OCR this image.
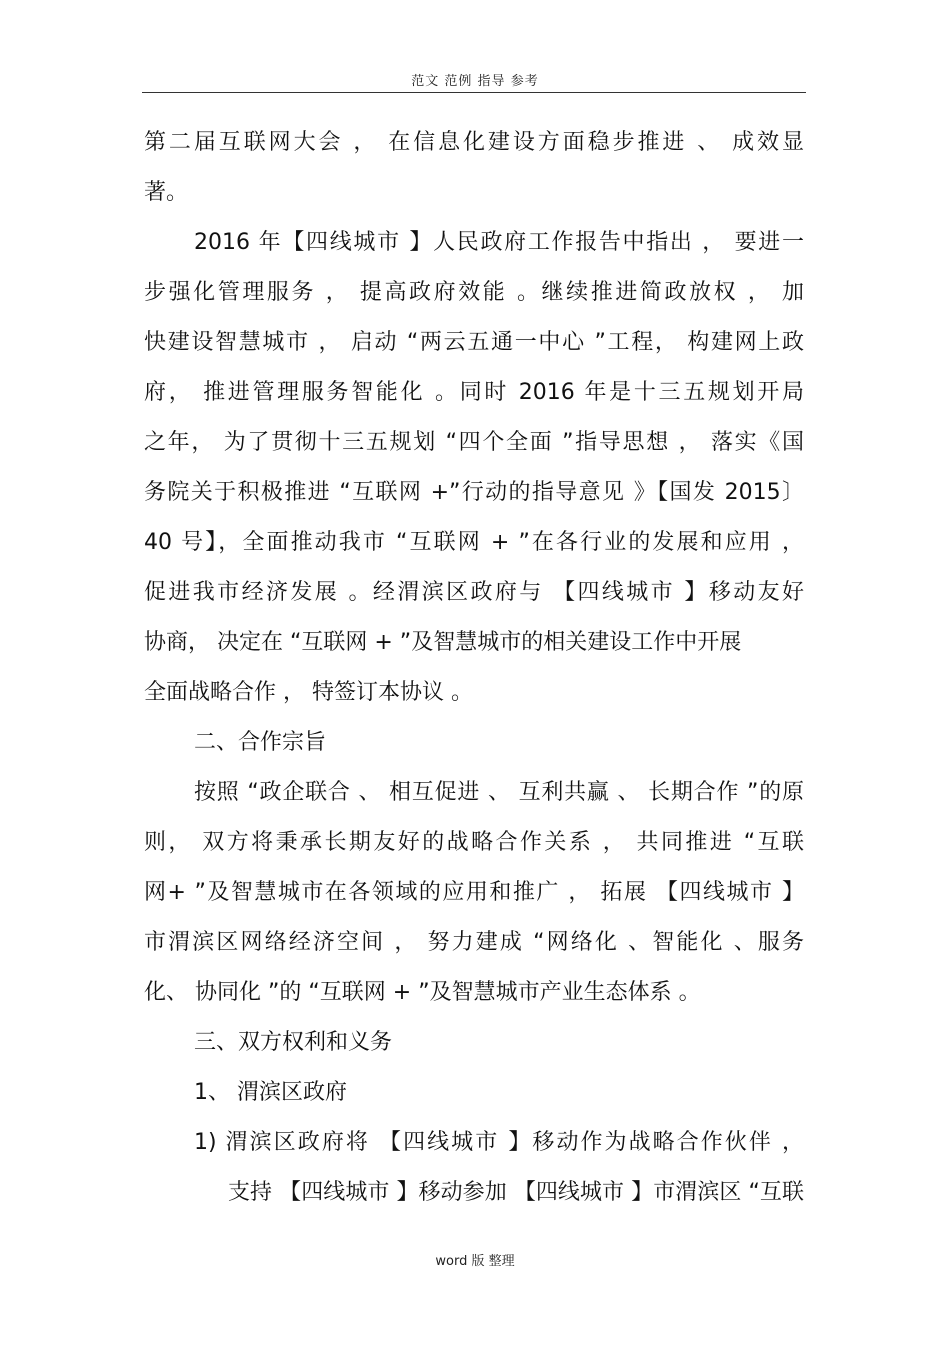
范文 范例 指导 参考
第二届互联网大会 ， 在信息化建设方面稳步推进 、 成效显
著。
2016 年【四线城市 】人民政府工作报告中指出 ， 要进一
步强化管理服务 ， 提高政府效能 。继续推进简政放权 ， 加
快建设智慧城市 ， 启动 “两云五通一中心 ”工程， 构建网上政
府， 推进管理服务智能化 。同时 2016 年是十三五规划开局
之年， 为了贯彻十三五规划 “四个全面 ”指导思想 ， 落实《国
务院关于积极推进 “互联网 +”行动的指导意见 》【国发 2015〕
40 号】，全面推动我市 “互联网 + ”在各行业的发展和应用 ，
促进我市经济发展 。经渭滨区政府与 【四线城市 】移动友好
协商， 决定在 “互联网 + ”及智慧城市的相关建设工作中开展
全面战略合作 ， 特签订本协议 。
二、合作宗旨
按照 “政企联合 、 相互促进 、 互利共赢 、 长期合作 ”的原
则， 双方将秉承长期友好的战略合作关系 ， 共同推进 “互联
网+ ”及智慧城市在各领域的应用和推广 ， 拓展 【四线城市 】
市渭滨区网络经济空间 ， 努力建成 “网络化 、智能化 、服务
化、 协同化 ”的 “互联网 + ”及智慧城市产业生态体系 。
三、双方权利和义务
1、 渭滨区政府
1) 渭滨区政府将 【四线城市 】移动作为战略合作伙伴 ，
支持 【四线城市 】移动参加 【四线城市 】市渭滨区 “互联
word 版 整理
